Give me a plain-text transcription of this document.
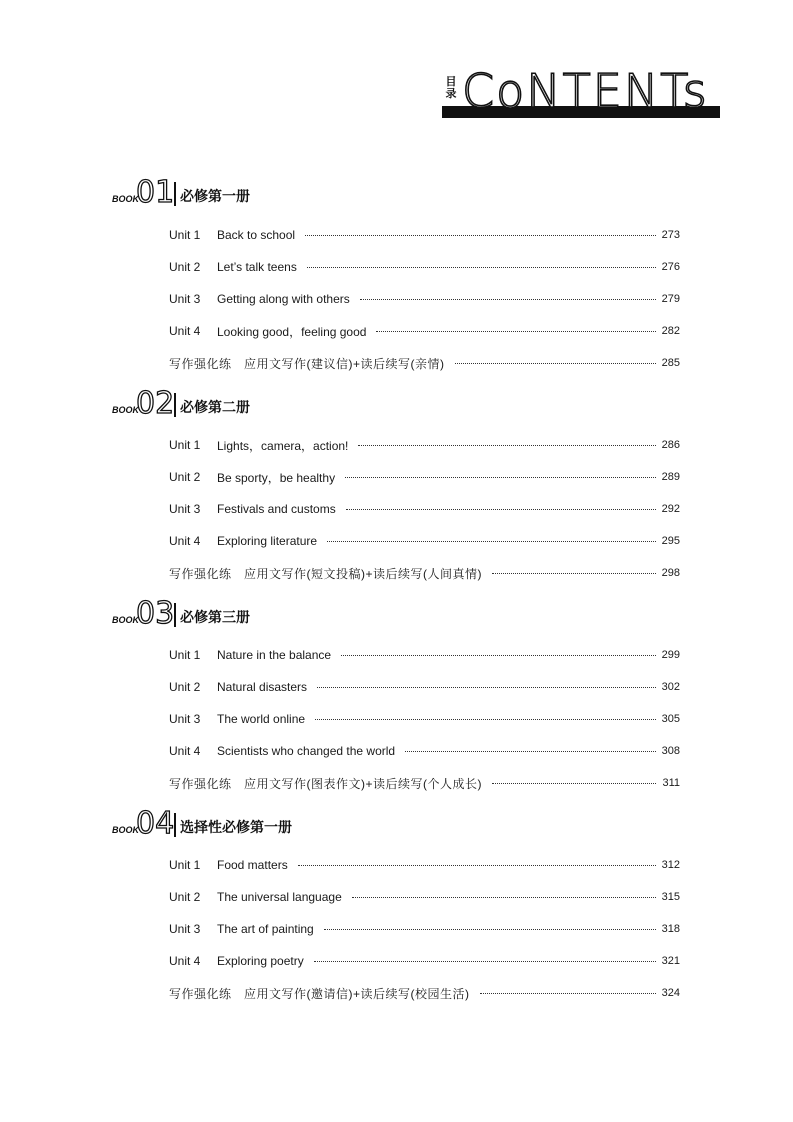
目
录 CoNTENTs
BOOK
01 必修第一册
Unit 1	Back to school	273
Unit 2	Let’s talk teens	276
Unit 3	Getting along with others	279
Unit 4	Looking good，feeling good	282
写作强化练　应用文写作(建议信)+读后续写(亲情)	285
BOOK
02 必修第二册
Unit 1	Lights，camera，action!	286
Unit 2	Be sporty，be healthy	289
Unit 3	Festivals and customs	292
Unit 4	Exploring literature	295
写作强化练　应用文写作(短文投稿)+读后续写(人间真情)	298
BOOK
03 必修第三册
Unit 1	Nature in the balance	299
Unit 2	Natural disasters	302
Unit 3	The world online	305
Unit 4	Scientists who changed the world	308
写作强化练　应用文写作(图表作文)+读后续写(个人成长)	311
BOOK
04 选择性必修第一册
Unit 1	Food matters	312
Unit 2	The universal language	315
Unit 3	The art of painting	318
Unit 4	Exploring poetry	321
写作强化练　应用文写作(邀请信)+读后续写(校园生活)	324
